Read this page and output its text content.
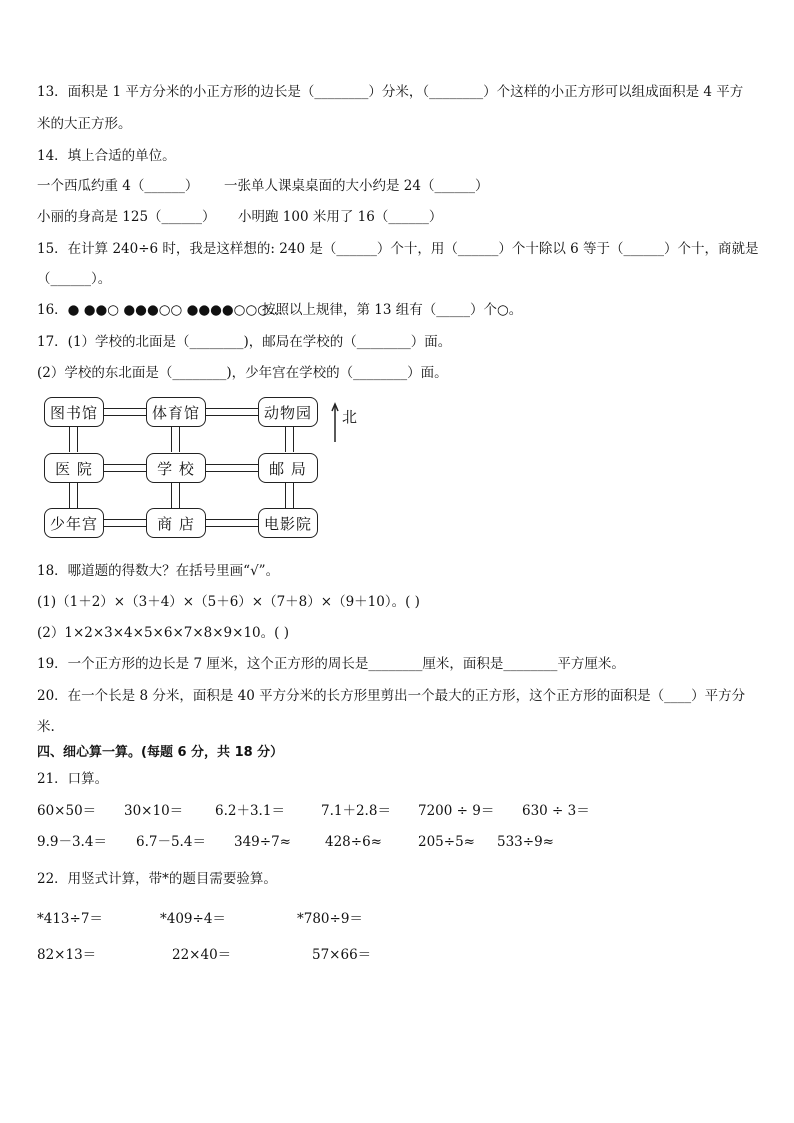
13．面积是 1 平方分米的小正方形的边长是（________）分米，（________）个这样的小正方形可以组成面积是 4 平方
米的大正方形。
14．填上合适的单位。
一个西瓜约重 4（______） 一张单人课桌桌面的大小约是 24（______）
小丽的身高是 125（______） 小明跑 100 米用了 16（______）
15．在计算 240÷6 时，我是这样想的: 240 是（______）个十，用（______）个十除以 6 等于（______）个十，商就是
（______）。
16．● ●●○ ●●●○○ ●●●●○○○…
按照以上规律，第 13 组有（_____）个○。
17．(1）学校的北面是（________)，邮局在学校的（________）面。
(2）学校的东北面是（________)，少年宫在学校的（________）面。
图书馆	体育馆	动物园
医 院	学 校	邮 局
少年宫	商 店	电影院
北
18．哪道题的得数大？在括号里画“√”。
(1)（1＋2）×（3＋4）×（5＋6）×（7＋8）×（9＋10）。( )
(2）1×2×3×4×5×6×7×8×9×10。( )
19．一个正方形的边长是 7 厘米，这个正方形的周长是________厘米，面积是________平方厘米。
20．在一个长是 8 分米，面积是 40 平方分米的长方形里剪出一个最大的正方形，这个正方形的面积是（____）平方分
米.
四、细心算一算。(每题 6 分，共 18 分）
21．口算。
60×50＝ 30×10＝ 6.2＋3.1＝	7.1＋2.8＝ 7200 ÷ 9＝ 630 ÷ 3＝
9.9－3.4＝ 6.7－5.4＝ 349÷7≈	428÷6≈	205÷5≈ 533÷9≈
22．用竖式计算，带*的题目需要验算。
*413÷7＝	*409÷4＝	*780÷9＝
82×13＝	22×40＝	57×66＝
